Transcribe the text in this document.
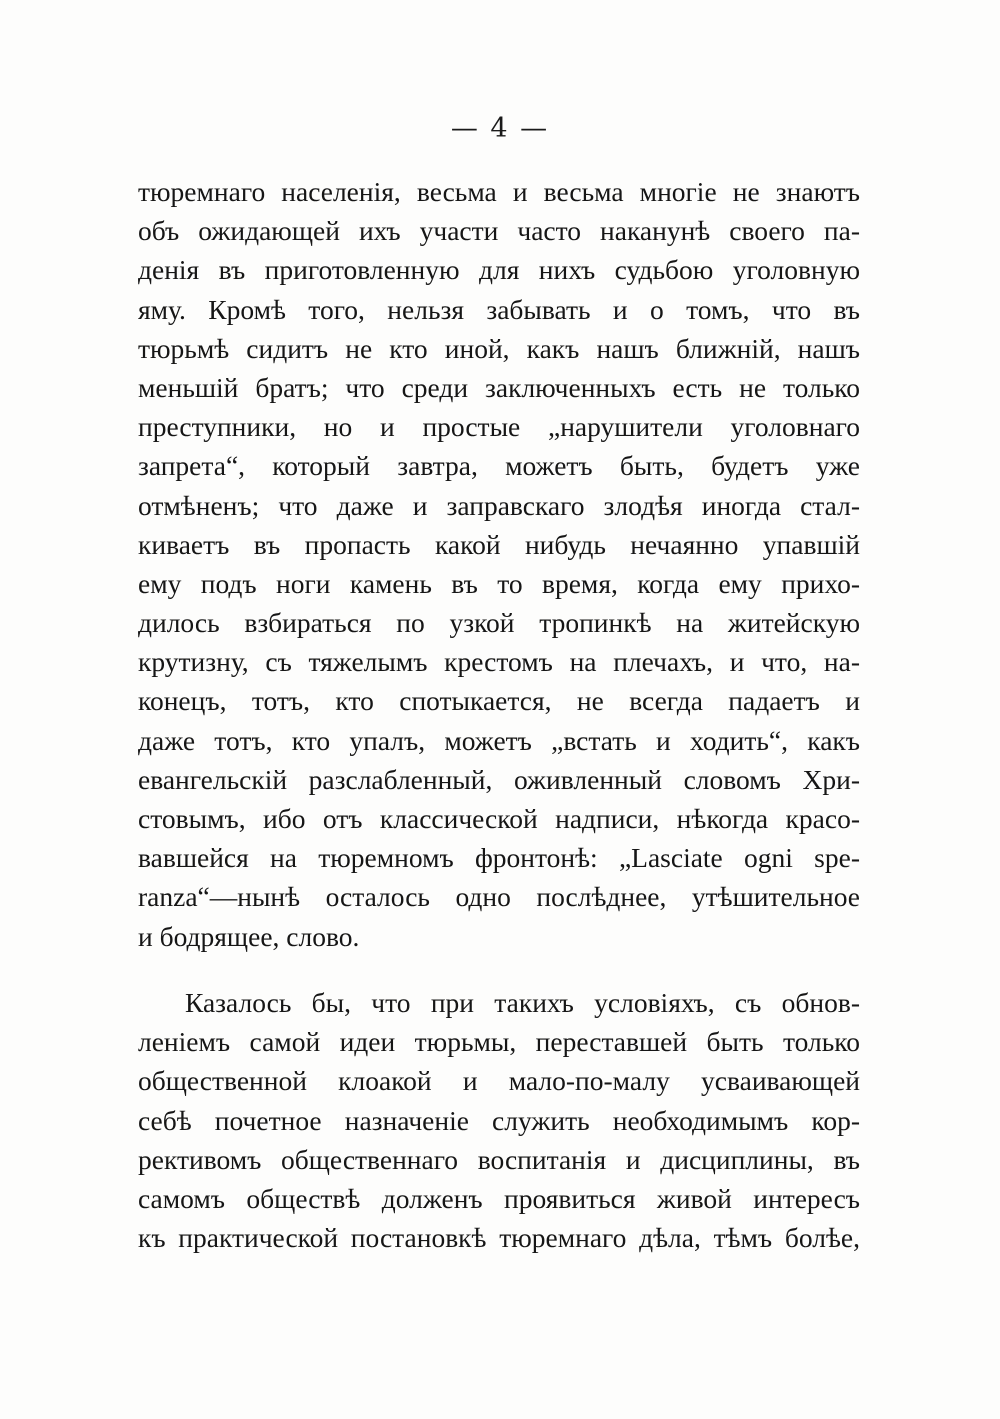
— 4 —
тюремнаго населенія, весьма и весьма многіе не знаютъ
объ ожидающей ихъ участи часто наканунѣ своего па-
денія въ приготовленную для нихъ судьбою уголовную
яму. Кромѣ того, нельзя забывать и о томъ, что въ
тюрьмѣ сидитъ не кто иной, какъ нашъ ближній, нашъ
меньшій братъ; что среди заключенныхъ есть не только
преступники, но и простые „нарушители уголовнаго
запрета“, который завтра, можетъ быть, будетъ уже
отмѣненъ; что даже и заправскаго злодѣя иногда стал-
киваетъ въ пропасть какой нибудь нечаянно упавшій
ему подъ ноги камень въ то время, когда ему прихо-
дилось взбираться по узкой тропинкѣ на житейскую
крутизну, съ тяжелымъ крестомъ на плечахъ, и что, на-
конецъ, тотъ, кто спотыкается, не всегда падаетъ и
даже тотъ, кто упалъ, можетъ „встать и ходить“, какъ
евангельскій разслабленный, оживленный словомъ Хри-
стовымъ, ибо отъ классической надписи, нѣкогда красо-
вавшейся на тюремномъ фронтонѣ: „Lasciate ogni spe-
ranza“—нынѣ осталось одно послѣднее, утѣшительное
и бодрящее, слово.
Казалось бы, что при такихъ условіяхъ, съ обнов-
леніемъ самой идеи тюрьмы, переставшей быть только
общественной клоакой и мало-по-малу усваивающей
себѣ почетное назначеніе служить необходимымъ кор-
рективомъ общественнаго воспитанія и дисциплины, въ
самомъ обществѣ долженъ проявиться живой интересъ
къ практической постановкѣ тюремнаго дѣла, тѣмъ болѣе,
